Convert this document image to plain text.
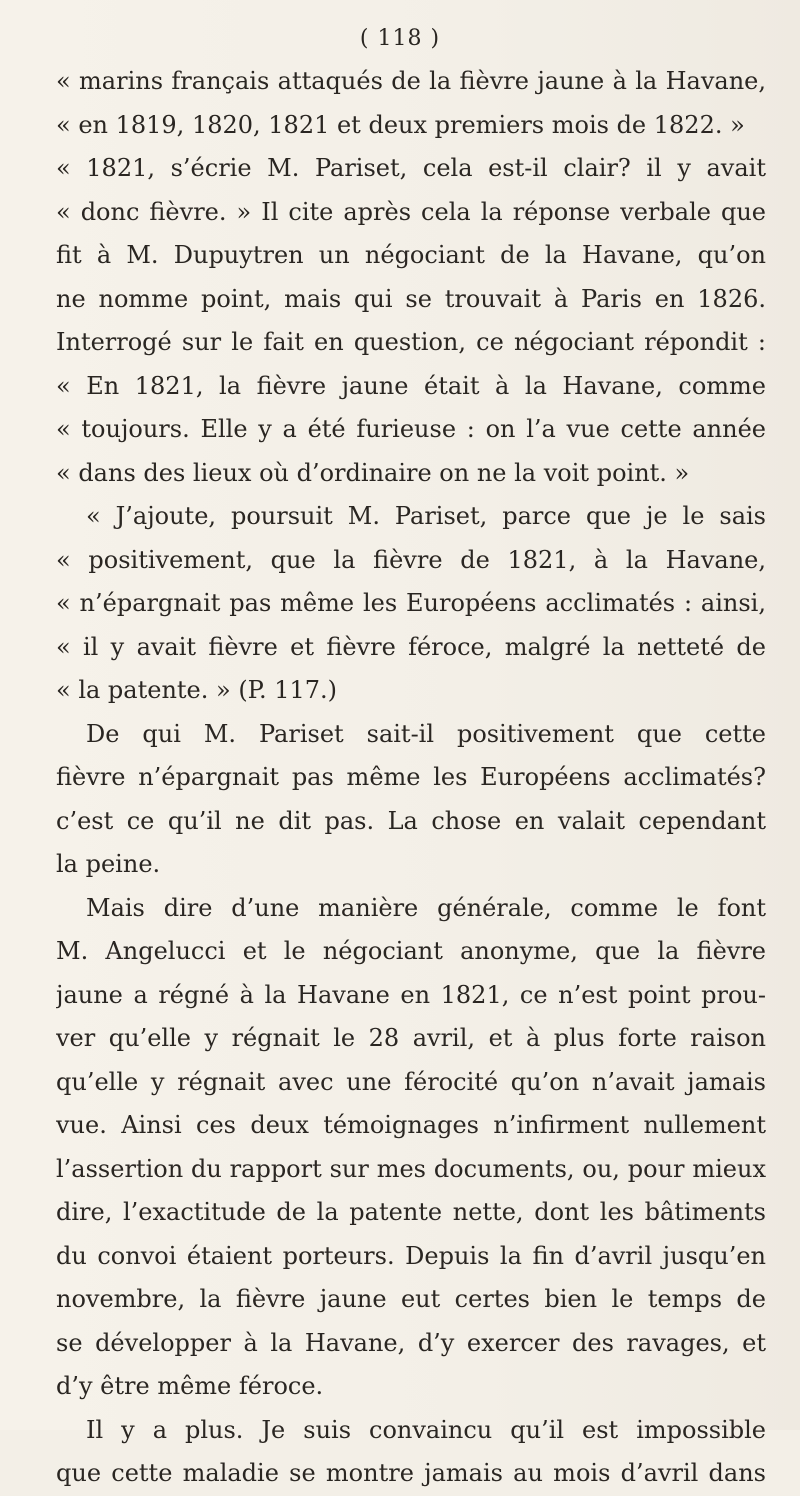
( 118 )
« marins français attaqués de la fièvre jaune à la Havane,
« en 1819, 1820, 1821 et deux premiers mois de 1822. »
« 1821, s’écrie M. Pariset, cela est-il clair? il y avait
« donc fièvre. » Il cite après cela la réponse verbale que
fit à M. Dupuytren un négociant de la Havane, qu’on
ne nomme point, mais qui se trouvait à Paris en 1826.
Interrogé sur le fait en question, ce négociant répondit :
« En 1821, la fièvre jaune était à la Havane, comme
« toujours. Elle y a été furieuse : on l’a vue cette année
« dans des lieux où d’ordinaire on ne la voit point. »
« J’ajoute, poursuit M. Pariset, parce que je le sais
« positivement, que la fièvre de 1821, à la Havane,
« n’épargnait pas même les Européens acclimatés : ainsi,
« il y avait fièvre et fièvre féroce, malgré la netteté de
« la patente. » (P. 117.)
De qui M. Pariset sait-il positivement que cette
fièvre n’épargnait pas même les Européens acclimatés?
c’est ce qu’il ne dit pas. La chose en valait cependant
la peine.
Mais dire d’une manière générale, comme le font
M. Angelucci et le négociant anonyme, que la fièvre
jaune a régné à la Havane en 1821, ce n’est point prou-
ver qu’elle y régnait le 28 avril, et à plus forte raison
qu’elle y régnait avec une férocité qu’on n’avait jamais
vue. Ainsi ces deux témoignages n’infirment nullement
l’assertion du rapport sur mes documents, ou, pour mieux
dire, l’exactitude de la patente nette, dont les bâtiments
du convoi étaient porteurs. Depuis la fin d’avril jusqu’en
novembre, la fièvre jaune eut certes bien le temps de
se développer à la Havane, d’y exercer des ravages, et
d’y être même féroce.
Il y a plus. Je suis convaincu qu’il est impossible
que cette maladie se montre jamais au mois d’avril dans
